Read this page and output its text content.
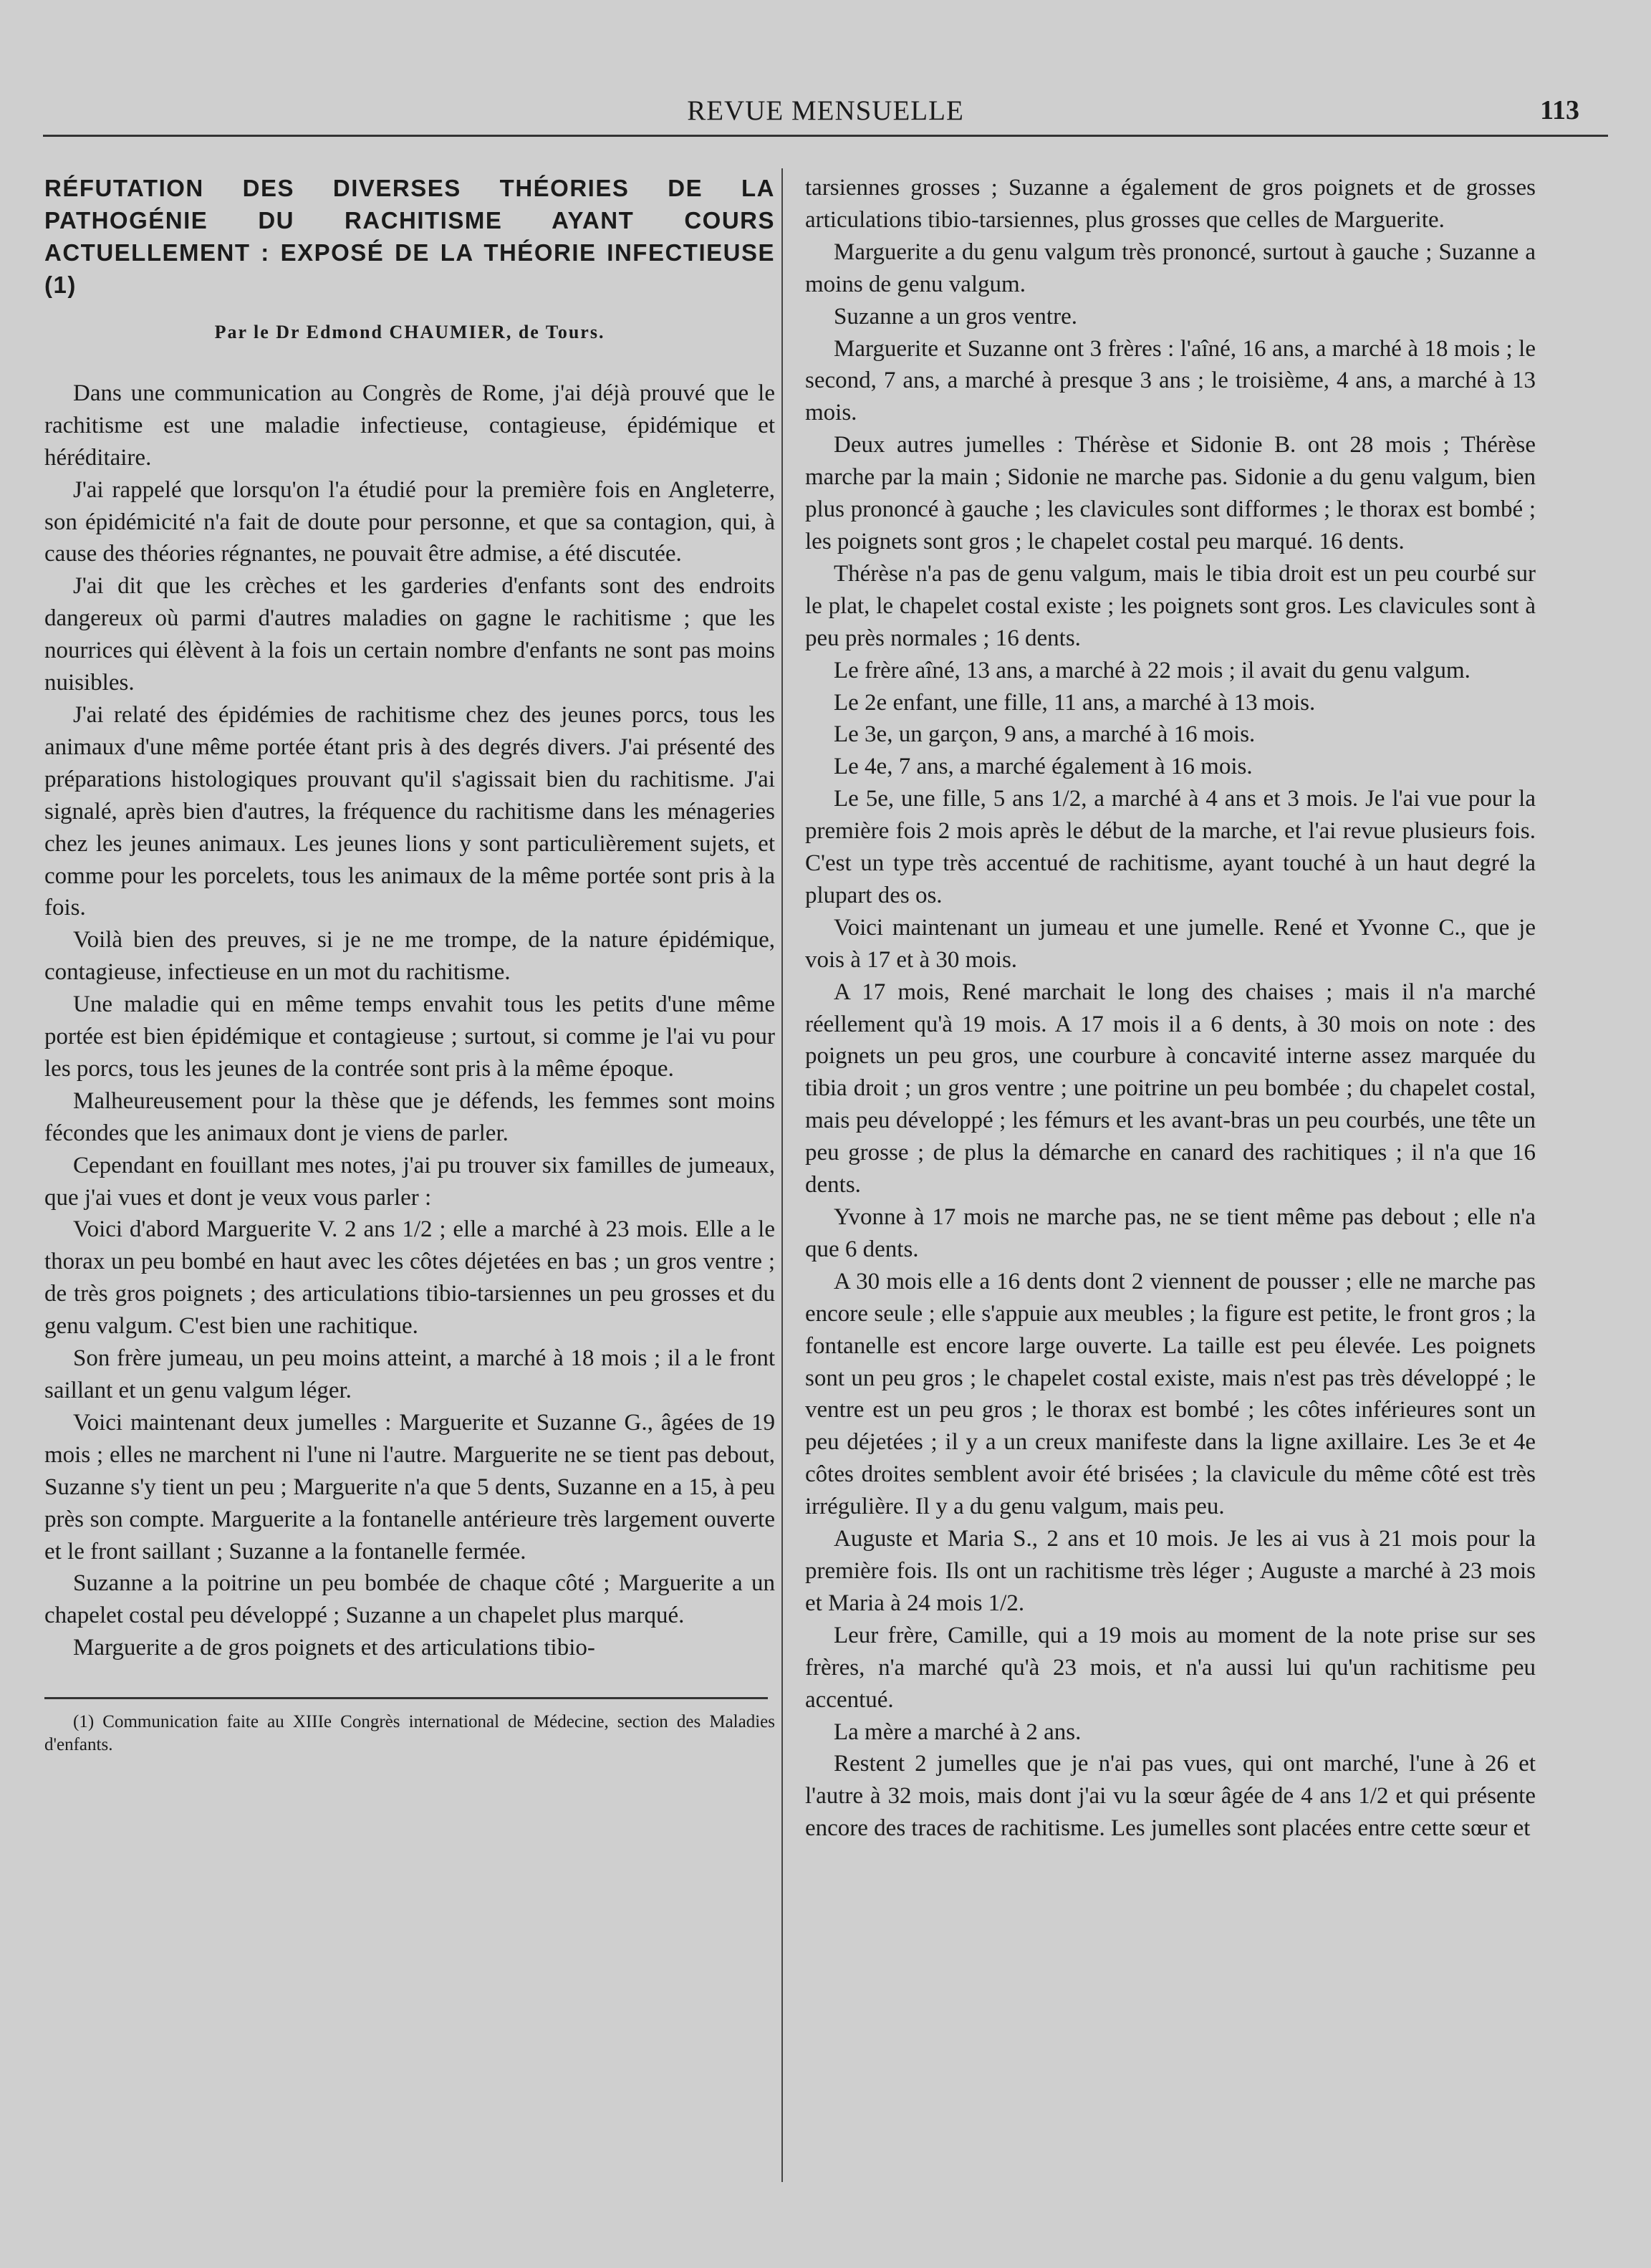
REVUE MENSUELLE	113
RÉFUTATION DES DIVERSES THÉORIES DE LA PATHOGÉNIE DU RACHITISME AYANT COURS ACTUELLEMENT : EXPOSÉ DE LA THÉORIE INFECTIEUSE (1)
Par le Dr Edmond CHAUMIER, de Tours.

Dans une communication au Congrès de Rome, j'ai déjà prouvé que le rachitisme est une maladie infectieuse, contagieuse, épidémique et héréditaire.

J'ai rappelé que lorsqu'on l'a étudié pour la première fois en Angleterre, son épidémicité n'a fait de doute pour personne, et que sa contagion, qui, à cause des théories régnantes, ne pouvait être admise, a été discutée.

J'ai dit que les crèches et les garderies d'enfants sont des endroits dangereux où parmi d'autres maladies on gagne le rachitisme ; que les nourrices qui élèvent à la fois un certain nombre d'enfants ne sont pas moins nuisibles.

J'ai relaté des épidémies de rachitisme chez des jeunes porcs, tous les animaux d'une même portée étant pris à des degrés divers. J'ai présenté des préparations histologiques prouvant qu'il s'agissait bien du rachitisme. J'ai signalé, après bien d'autres, la fréquence du rachitisme dans les ménageries chez les jeunes animaux. Les jeunes lions y sont particulièrement sujets, et comme pour les porcelets, tous les animaux de la même portée sont pris à la fois.

Voilà bien des preuves, si je ne me trompe, de la nature épidémique, contagieuse, infectieuse en un mot du rachitisme.

Une maladie qui en même temps envahit tous les petits d'une même portée est bien épidémique et contagieuse ; surtout, si comme je l'ai vu pour les porcs, tous les jeunes de la contrée sont pris à la même époque.

Malheureusement pour la thèse que je défends, les femmes sont moins fécondes que les animaux dont je viens de parler.

Cependant en fouillant mes notes, j'ai pu trouver six familles de jumeaux, que j'ai vues et dont je veux vous parler :

Voici d'abord Marguerite V. 2 ans 1/2 ; elle a marché à 23 mois. Elle a le thorax un peu bombé en haut avec les côtes déjetées en bas ; un gros ventre ; de très gros poignets ; des articulations tibio-tarsiennes un peu grosses et du genu valgum. C'est bien une rachitique.

Son frère jumeau, un peu moins atteint, a marché à 18 mois ; il a le front saillant et un genu valgum léger.

Voici maintenant deux jumelles : Marguerite et Suzanne G., âgées de 19 mois ; elles ne marchent ni l'une ni l'autre. Marguerite ne se tient pas debout, Suzanne s'y tient un peu ; Marguerite n'a que 5 dents, Suzanne en a 15, à peu près son compte. Marguerite a la fontanelle antérieure très largement ouverte et le front saillant ; Suzanne a la fontanelle fermée.

Suzanne a la poitrine un peu bombée de chaque côté ; Marguerite a un chapelet costal peu développé ; Suzanne a un chapelet plus marqué.

Marguerite a de gros poignets et des articulations tibio-

(1) Communication faite au XIIIe Congrès international de Médecine, section des Maladies d'enfants.

tarsiennes grosses ; Suzanne a également de gros poignets et de grosses articulations tibio-tarsiennes, plus grosses que celles de Marguerite.

Marguerite a du genu valgum très prononcé, surtout à gauche ; Suzanne a moins de genu valgum.

Suzanne a un gros ventre.

Marguerite et Suzanne ont 3 frères : l'aîné, 16 ans, a marché à 18 mois ; le second, 7 ans, a marché à presque 3 ans ; le troisième, 4 ans, a marché à 13 mois.

Deux autres jumelles : Thérèse et Sidonie B. ont 28 mois ; Thérèse marche par la main ; Sidonie ne marche pas. Sidonie a du genu valgum, bien plus prononcé à gauche ; les clavicules sont difformes ; le thorax est bombé ; les poignets sont gros ; le chapelet costal peu marqué. 16 dents.

Thérèse n'a pas de genu valgum, mais le tibia droit est un peu courbé sur le plat, le chapelet costal existe ; les poignets sont gros. Les clavicules sont à peu près normales ; 16 dents.

Le frère aîné, 13 ans, a marché à 22 mois ; il avait du genu valgum.

Le 2e enfant, une fille, 11 ans, a marché à 13 mois.

Le 3e, un garçon, 9 ans, a marché à 16 mois.

Le 4e, 7 ans, a marché également à 16 mois.

Le 5e, une fille, 5 ans 1/2, a marché à 4 ans et 3 mois. Je l'ai vue pour la première fois 2 mois après le début de la marche, et l'ai revue plusieurs fois. C'est un type très accentué de rachitisme, ayant touché à un haut degré la plupart des os.

Voici maintenant un jumeau et une jumelle. René et Yvonne C., que je vois à 17 et à 30 mois.

A 17 mois, René marchait le long des chaises ; mais il n'a marché réellement qu'à 19 mois. A 17 mois il a 6 dents, à 30 mois on note : des poignets un peu gros, une courbure à concavité interne assez marquée du tibia droit ; un gros ventre ; une poitrine un peu bombée ; du chapelet costal, mais peu développé ; les fémurs et les avant-bras un peu courbés, une tête un peu grosse ; de plus la démarche en canard des rachitiques ; il n'a que 16 dents.

Yvonne à 17 mois ne marche pas, ne se tient même pas debout ; elle n'a que 6 dents.

A 30 mois elle a 16 dents dont 2 viennent de pousser ; elle ne marche pas encore seule ; elle s'appuie aux meubles ; la figure est petite, le front gros ; la fontanelle est encore large ouverte. La taille est peu élevée. Les poignets sont un peu gros ; le chapelet costal existe, mais n'est pas très développé ; le ventre est un peu gros ; le thorax est bombé ; les côtes inférieures sont un peu déjetées ; il y a un creux manifeste dans la ligne axillaire. Les 3e et 4e côtes droites semblent avoir été brisées ; la clavicule du même côté est très irrégulière. Il y a du genu valgum, mais peu.

Auguste et Maria S., 2 ans et 10 mois. Je les ai vus à 21 mois pour la première fois. Ils ont un rachitisme très léger ; Auguste a marché à 23 mois et Maria à 24 mois 1/2.

Leur frère, Camille, qui a 19 mois au moment de la note prise sur ses frères, n'a marché qu'à 23 mois, et n'a aussi lui qu'un rachitisme peu accentué.

La mère a marché à 2 ans.

Restent 2 jumelles que je n'ai pas vues, qui ont marché, l'une à 26 et l'autre à 32 mois, mais dont j'ai vu la sœur âgée de 4 ans 1/2 et qui présente encore des traces de rachitisme. Les jumelles sont placées entre cette sœur et
